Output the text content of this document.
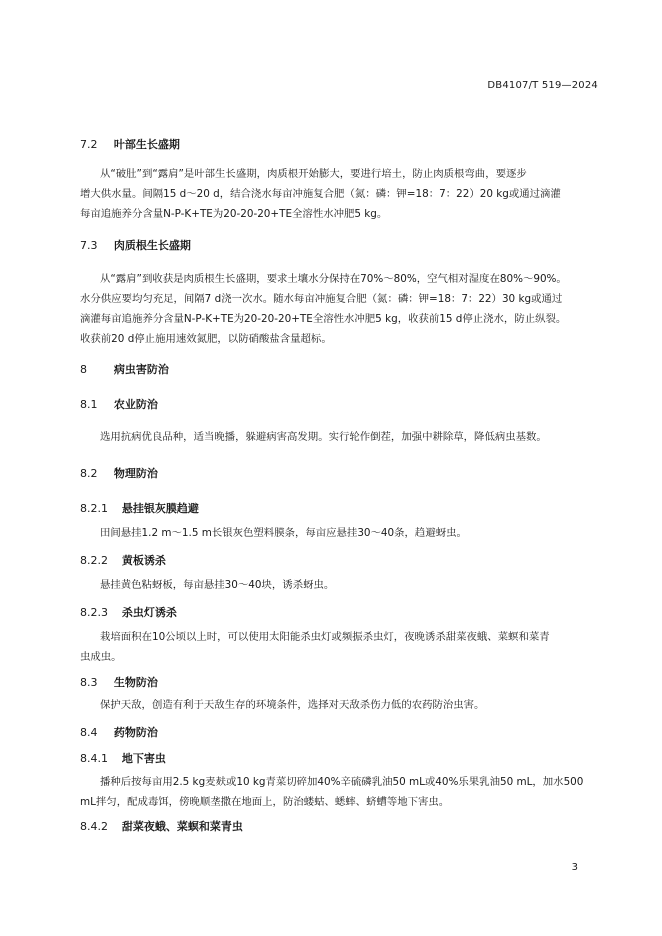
DB4107/T 519—2024
7.2 叶部生长盛期
从“破肚”到“露肩”是叶部生长盛期，肉质根开始膨大，要进行培土，防止肉质根弯曲，要逐步
增大供水量。间隔15 d～20 d，结合浇水每亩冲施复合肥（氮：磷：钾=18：7：22）20 kg或通过滴灌
每亩追施养分含量N-P-K+TE为20-20-20+TE全溶性水冲肥5 kg。
7.3 肉质根生长盛期
从“露肩”到收获是肉质根生长盛期，要求土壤水分保持在70%～80%，空气相对湿度在80%～90%。
水分供应要均匀充足，间隔7 d浇一次水。随水每亩冲施复合肥（氮：磷：钾=18：7：22）30 kg或通过
滴灌每亩追施养分含量N-P-K+TE为20-20-20+TE全溶性水冲肥5 kg，收获前15 d停止浇水，防止纵裂。
收获前20 d停止施用速效氮肥，以防硝酸盐含量超标。
8 病虫害防治
8.1 农业防治
选用抗病优良品种，适当晚播，躲避病害高发期。实行轮作倒茬，加强中耕除草，降低病虫基数。
8.2 物理防治
8.2.1 悬挂银灰膜趋避
田间悬挂1.2 m～1.5 m长银灰色塑料膜条，每亩应悬挂30～40条，趋避蚜虫。
8.2.2 黄板诱杀
悬挂黄色粘蚜板，每亩悬挂30～40块，诱杀蚜虫。
8.2.3 杀虫灯诱杀
栽培面积在10公顷以上时，可以使用太阳能杀虫灯或频振杀虫灯，夜晚诱杀甜菜夜蛾、菜螟和菜青
虫成虫。
8.3 生物防治
保护天敌，创造有利于天敌生存的环境条件，选择对天敌杀伤力低的农药防治虫害。
8.4 药物防治
8.4.1 地下害虫
播种后按每亩用2.5 kg麦麸或10 kg青菜切碎加40%辛硫磷乳油50 mL或40%乐果乳油50 mL，加水500
mL拌匀，配成毒饵，傍晚顺垄撒在地面上，防治蝼蛄、蟋蟀、蛴螬等地下害虫。
8.4.2 甜菜夜蛾、菜螟和菜青虫
3
